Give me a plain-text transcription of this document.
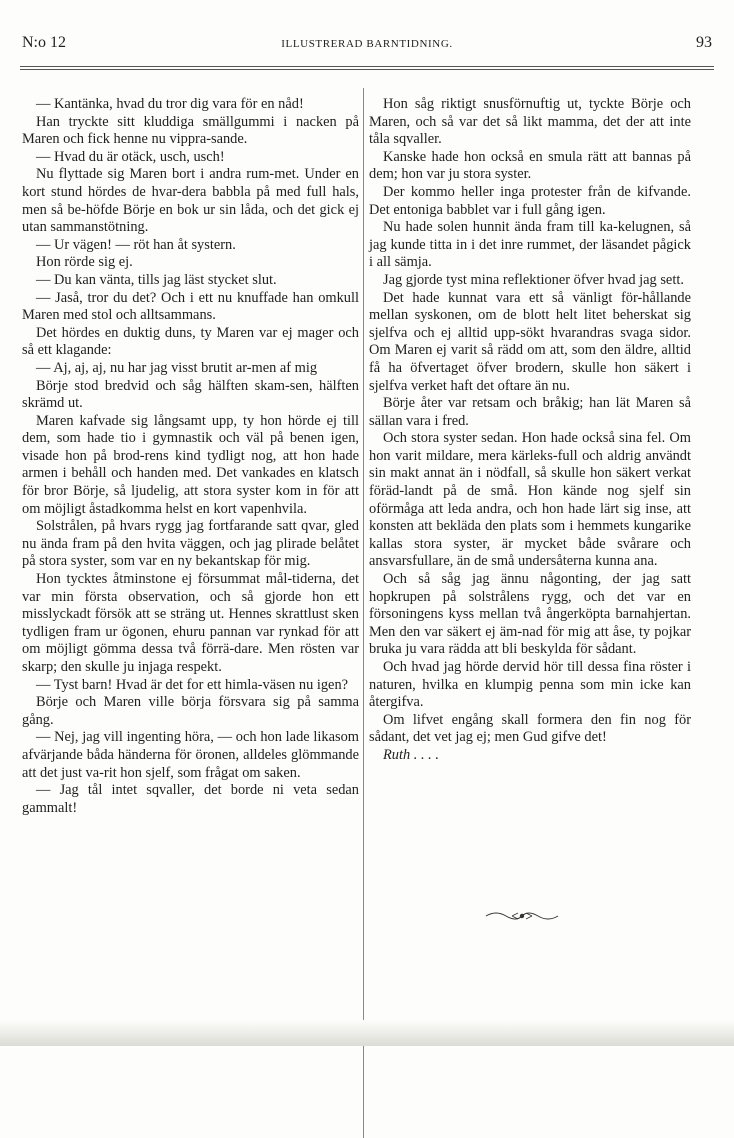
N:o 12	ILLUSTRERAD BARNTIDNING.	93

— Kantänka, hvad du tror dig vara för en nåd!

Han tryckte sitt kluddiga smällgummi i nacken på Maren och fick henne nu vippra-sande.

— Hvad du är otäck, usch, usch!

Nu flyttade sig Maren bort i andra rum-met. Under en kort stund hördes de hvar-dera babbla på med full hals, men så be-höfde Börje en bok ur sin låda, och det gick ej utan sammanstötning.

— Ur vägen! — röt han åt systern.

Hon rörde sig ej.

— Du kan vänta, tills jag läst stycket slut.

— Jaså, tror du det? Och i ett nu knuffade han omkull Maren med stol och alltsammans.

Det hördes en duktig duns, ty Maren var ej mager och så ett klagande:

— Aj, aj, aj, nu har jag visst brutit ar-men af mig

Börje stod bredvid och såg hälften skam-sen, hälften skrämd ut.

Maren kafvade sig långsamt upp, ty hon hörde ej till dem, som hade tio i gymnastik och väl på benen igen, visade hon på brod-rens kind tydligt nog, att hon hade armen i behåll och handen med. Det vankades en klatsch för bror Börje, så ljudelig, att stora syster kom in för att om möjligt åstadkomma helst en kort vapenhvila.

Solstrålen, på hvars rygg jag fortfarande satt qvar, gled nu ända fram på den hvita väggen, och jag plirade belåtet på stora syster, som var en ny bekantskap för mig.

Hon tycktes åtminstone ej försummat mål-tiderna, det var min första observation, och så gjorde hon ett misslyckadt försök att se sträng ut. Hennes skrattlust sken tydligen fram ur ögonen, ehuru pannan var rynkad för att om möjligt gömma dessa två förrä-dare. Men rösten var skarp; den skulle ju injaga respekt.

— Tyst barn! Hvad är det for ett himla-väsen nu igen?

Börje och Maren ville börja försvara sig på samma gång.

— Nej, jag vill ingenting höra, — och hon lade likasom afvärjande båda händerna för öronen, alldeles glömmande att det just va-rit hon sjelf, som frågat om saken.

— Jag tål intet sqvaller, det borde ni veta sedan gammalt!

Hon såg riktigt snusförnuftig ut, tyckte Börje och Maren, och så var det så likt mamma, det der att inte tåla sqvaller.

Kanske hade hon också en smula rätt att bannas på dem; hon var ju stora syster.

Der kommo heller inga protester från de kifvande. Det entoniga babblet var i full gång igen.

Nu hade solen hunnit ända fram till ka-kelugnen, så jag kunde titta in i det inre rummet, der läsandet pågick i all sämja.

Jag gjorde tyst mina reflektioner öfver hvad jag sett.

Det hade kunnat vara ett så vänligt för-hållande mellan syskonen, om de blott helt litet beherskat sig sjelfva och ej alltid upp-sökt hvarandras svaga sidor. Om Maren ej varit så rädd om att, som den äldre, alltid få ha öfvertaget öfver brodern, skulle hon säkert i sjelfva verket haft det oftare än nu.

Börje åter var retsam och bråkig; han lät Maren så sällan vara i fred.

Och stora syster sedan. Hon hade också sina fel. Om hon varit mildare, mera kärleks-full och aldrig användt sin makt annat än i nödfall, så skulle hon säkert verkat föräd-landt på de små. Hon kände nog sjelf sin oförmåga att leda andra, och hon hade lärt sig inse, att konsten att bekläda den plats som i hemmets kungarike kallas stora syster, är mycket både svårare och ansvarsfullare, än de små undersåterna kunna ana.

Och så såg jag ännu någonting, der jag satt hopkrupen på solstrålens rygg, och det var en försoningens kyss mellan två ångerköpta barnahjertan. Men den var säkert ej äm-nad för mig att åse, ty pojkar bruka ju vara rädda att bli beskylda för sådant.

Och hvad jag hörde dervid hör till dessa fina röster i naturen, hvilka en klumpig penna som min icke kan återgifva.

Om lifvet engång skall formera den fin nog för sådant, det vet jag ej; men Gud gifve det!

Ruth . . . .
